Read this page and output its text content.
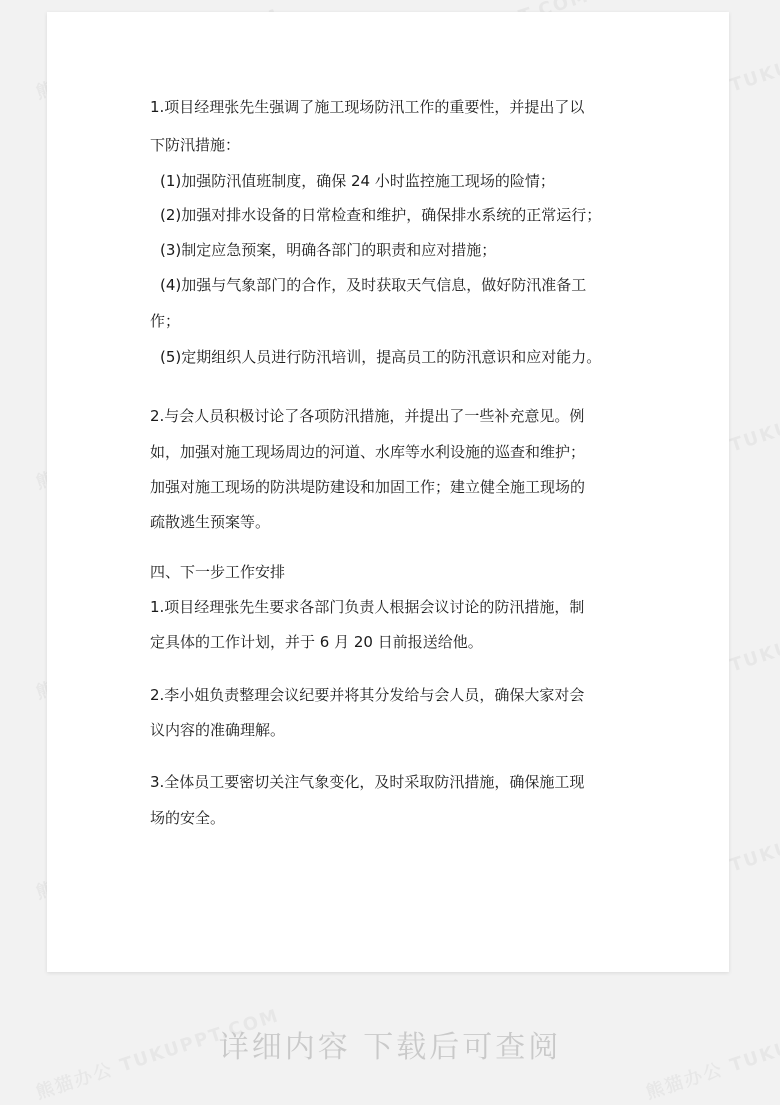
1.项目经理张先生强调了施工现场防汛工作的重要性，并提出了以
下防汛措施：
(1)加强防汛值班制度，确保 24 小时监控施工现场的险情；
(2)加强对排水设备的日常检查和维护，确保排水系统的正常运行；
(3)制定应急预案，明确各部门的职责和应对措施；
(4)加强与气象部门的合作，及时获取天气信息，做好防汛准备工
作；
(5)定期组织人员进行防汛培训，提高员工的防汛意识和应对能力。
2.与会人员积极讨论了各项防汛措施，并提出了一些补充意见。例
如，加强对施工现场周边的河道、水库等水利设施的巡查和维护；
加强对施工现场的防洪堤防建设和加固工作；建立健全施工现场的
疏散逃生预案等。
四、下一步工作安排
1.项目经理张先生要求各部门负责人根据会议讨论的防汛措施，制
定具体的工作计划，并于 6 月 20 日前报送给他。
2.李小姐负责整理会议纪要并将其分发给与会人员，确保大家对会
议内容的准确理解。
3.全体员工要密切关注气象变化，及时采取防汛措施，确保施工现
场的安全。
详细内容 下载后可查阅
